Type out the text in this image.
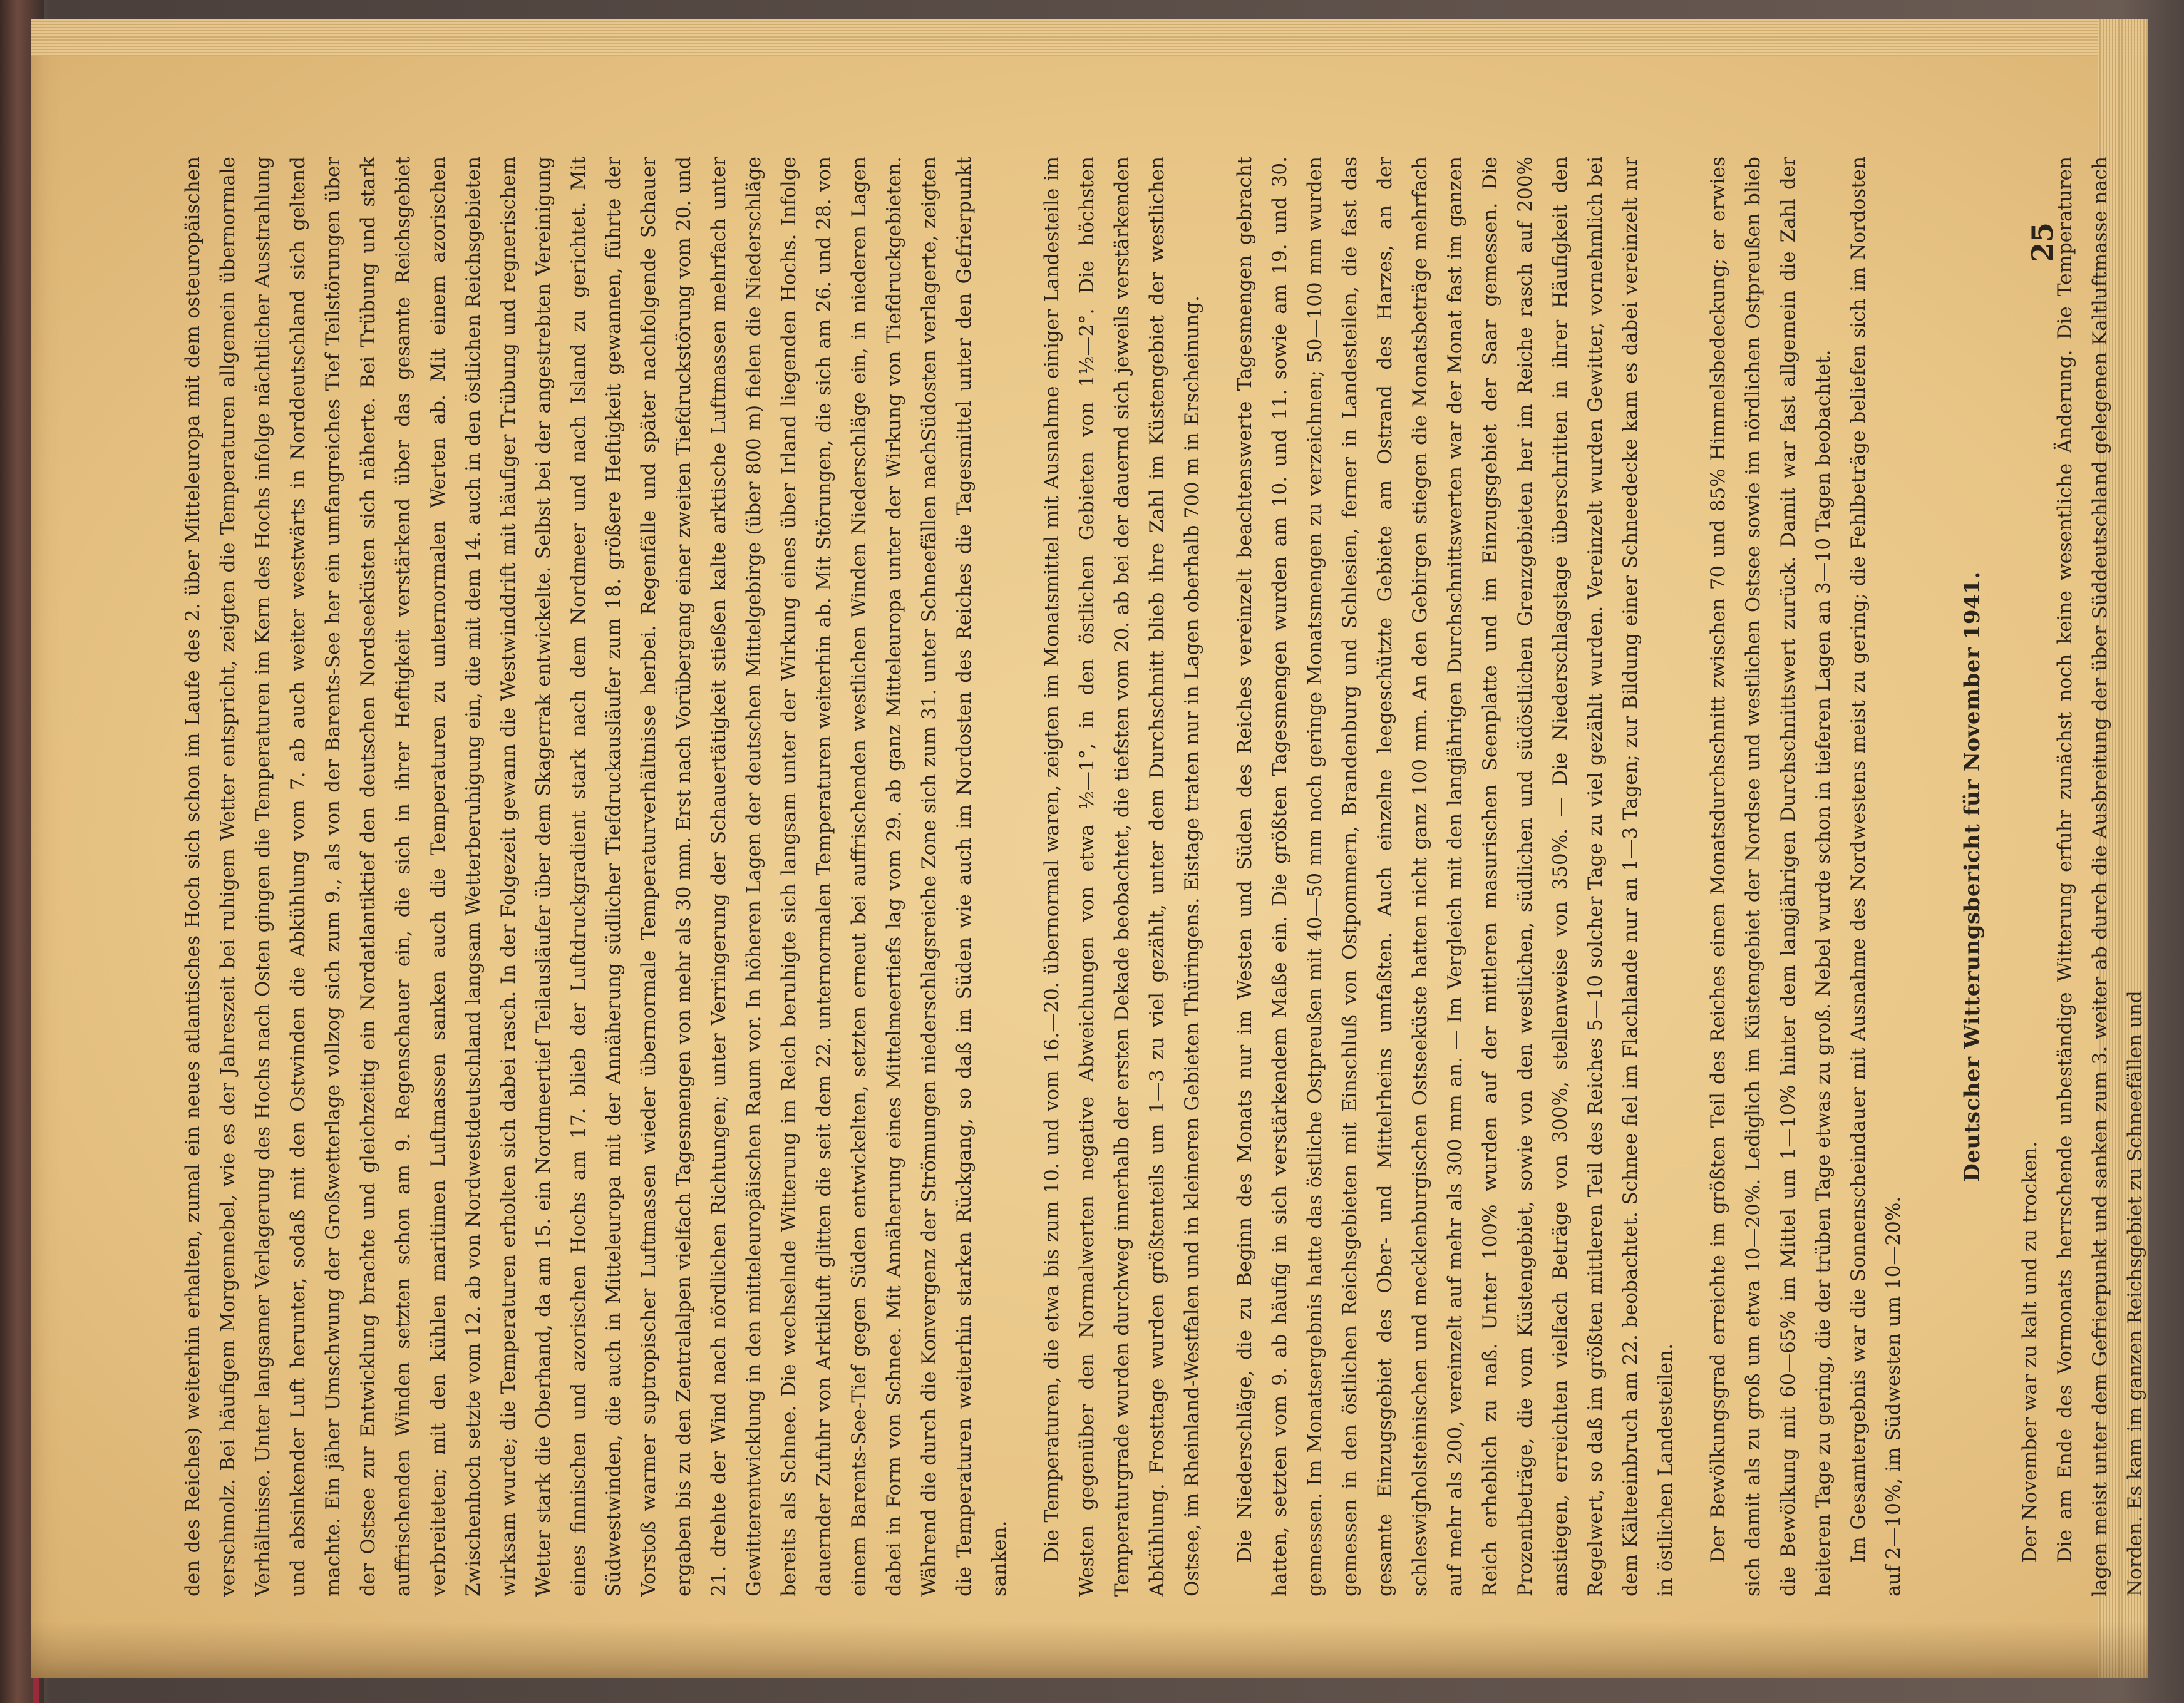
den des Reiches) weiterhin erhalten, zumal ein neues atlantisches Hoch sich schon im Laufe des 2. über Mitteleuropa mit dem osteuropäischen verschmolz. Bei häufigem Morgennebel, wie es der Jahreszeit bei ruhigem Wetter entspricht, zeigten die Temperaturen allgemein übernormale Verhältnisse. Unter langsamer Verlagerung des Hochs nach Osten gingen die Temperaturen im Kern des Hochs infolge nächtlicher Ausstrahlung und absinkender Luft herunter, sodaß mit den Ostwinden die Abkühlung vom 7. ab auch weiter westwärts in Norddeutschland sich geltend machte. Ein jäher Umschwung der Großwetterlage vollzog sich zum 9., als von der Barents-See her ein umfangreiches Tief Teilstörungen über der Ostsee zur Entwicklung brachte und gleichzeitig ein Nordatlantiktief den deutschen Nordseeküsten sich näherte. Bei Trübung und stark auffrischenden Winden setzten schon am 9. Regenschauer ein, die sich in ihrer Heftigkeit verstärkend über das gesamte Reichsgebiet verbreiteten; mit den kühlen maritimen Luftmassen sanken auch die Temperaturen zu unternormalen Werten ab. Mit einem azorischen Zwischenhoch setzte vom 12. ab von Nordwestdeutschland langsam Wetterberuhigung ein, die mit dem 14. auch in den östlichen Reichsgebieten wirksam wurde; die Temperaturen erholten sich dabei rasch. In der Folgezeit gewann die Westwinddrift mit häufiger Trübung und regnerischem Wetter stark die Oberhand, da am 15. ein Nordmeertief Teilausläufer über dem Skagerrak entwickelte. Selbst bei der angestrebten Vereinigung eines finnischen und azorischen Hochs am 17. blieb der Luftdruckgradient stark nach dem Nordmeer und nach Island zu gerichtet. Mit Südwestwinden, die auch in Mitteleuropa mit der Annäherung südlicher Tiefdruckausläufer zum 18. größere Heftigkeit gewannen, führte der Vorstoß warmer suptropischer Luftmassen wieder übernormale Temperaturverhältnisse herbei. Regenfälle und später nachfolgende Schauer ergaben bis zu den Zentralalpen vielfach Tagesmengen von mehr als 30 mm. Erst nach Vorübergang einer zweiten Tiefdruckstörung vom 20. und 21. drehte der Wind nach nördlichen Richtungen; unter Verringerung der Schauertätigkeit stießen kalte arktische Luftmassen mehrfach unter Gewitterentwicklung in den mitteleuropäischen Raum vor. In höheren Lagen der deutschen Mittelgebirge (über 800 m) fielen die Niederschläge bereits als Schnee. Die wechselnde Witterung im Reich beruhigte sich langsam unter der Wirkung eines über Irland liegenden Hochs. Infolge dauernder Zufuhr von Arktikluft glitten die seit dem 22. unternormalen Temperaturen weiterhin ab. Mit Störungen, die sich am 26. und 28. von einem Barents-See-Tief gegen Süden entwickelten, setzten erneut bei auffrischenden westlichen Winden Niederschläge ein, in niederen Lagen dabei in Form von Schnee. Mit Annäherung eines Mittelmeertiefs lag vom 29. ab ganz Mitteleuropa unter der Wirkung von Tiefdruckgebieten. Während die durch die Konvergenz der Strömungen niederschlagsreiche Zone sich zum 31. unter Schneefällen nachSüdosten verlagerte, zeigten die Temperaturen weiterhin starken Rückgang, so daß im Süden wie auch im Nordosten des Reiches die Tagesmittel unter den Gefrierpunkt sanken.	Die Temperaturen, die etwa bis zum 10. und vom 16.—20. übernormal waren, zeigten im Monatsmittel mit Ausnahme einiger Landesteile im Westen gegenüber den Normalwerten negative Abweichungen von etwa ½—1°, in den östlichen Gebieten von 1½—2°. Die höchsten Temperaturgrade wurden durchweg innerhalb der ersten Dekade beobachtet, die tiefsten vom 20. ab bei der dauernd sich jeweils verstärkenden Abkühlung. Frosttage wurden größtenteils um 1—3 zu viel gezählt, unter dem Durchschnitt blieb ihre Zahl im Küstengebiet der westlichen Ostsee, im Rheinland-Westfalen und in kleineren Gebieten Thüringens. Eistage traten nur in Lagen oberhalb 700 m in Erscheinung.	Die Niederschläge, die zu Beginn des Monats nur im Westen und Süden des Reiches vereinzelt beachtenswerte Tagesmengen gebracht hatten, setzten vom 9. ab häufig in sich verstärkendem Maße ein. Die größten Tagesmengen wurden am 10. und 11. sowie am 19. und 30. gemessen. Im Monatsergebnis hatte das östliche Ostpreußen mit 40—50 mm noch geringe Monatsmengen zu verzeichnen; 50—100 mm wurden gemessen in den östlichen Reichsgebieten mit Einschluß von Ostpommern, Brandenburg und Schlesien, ferner in Landesteilen, die fast das gesamte Einzugsgebiet des Ober- und Mittelrheins umfaßten. Auch einzelne leegeschützte Gebiete am Ostrand des Harzes, an der schleswigholsteinischen und mecklenburgischen Ostseeküste hatten nicht ganz 100 mm. An den Gebirgen stiegen die Monatsbeträge mehrfach auf mehr als 200, vereinzelt auf mehr als 300 mm an. — Im Vergleich mit den langjährigen Durchschnittswerten war der Monat fast im ganzen Reich erheblich zu naß. Unter 100% wurden auf der mittleren masurischen Seenplatte und im Einzugsgebiet der Saar gemessen. Die Prozentbeträge, die vom Küstengebiet, sowie von den westlichen, südlichen und südöstlichen Grenzgebieten her im Reiche rasch auf 200% anstiegen, erreichten vielfach Beträge von 300%, stellenweise von 350%. — Die Niederschlagstage überschritten in ihrer Häufigkeit den Regelwert, so daß im größten mittleren Teil des Reiches 5—10 solcher Tage zu viel gezählt wurden. Vereinzelt wurden Gewitter, vornehmlich bei dem Kälteeinbruch am 22. beobachtet. Schnee fiel im Flachlande nur an 1—3 Tagen; zur Bildung einer Schneedecke kam es dabei vereinzelt nur in östlichen Landesteilen.	Der Bewölkungsgrad erreichte im größten Teil des Reiches einen Monatsdurchschnitt zwischen 70 und 85% Himmelsbedeckung; er erwies sich damit als zu groß um etwa 10—20%. Lediglich im Küstengebiet der Nordsee und westlichen Ostsee sowie im nördlichen Ostpreußen blieb die Bewölkung mit 60—65% im Mittel um 1—10% hinter dem langjährigen Durchschnittswert zurück. Damit war fast allgemein die Zahl der heiteren Tage zu gering, die der trüben Tage etwas zu groß. Nebel wurde schon in tieferen Lagen an 3—10 Tagen beobachtet. Im Gesamtergebnis war die Sonnenscheindauer mit Ausnahme des Nordwestens meist zu gering; die Fehlbeträge beliefen sich im Nordosten auf 2—10%, im Südwesten um 10—20%.

Deutscher Witterungsbericht für November 1941.

Der November war zu kalt und zu trocken. Die am Ende des Vormonats herrschende unbeständige Witterung erfuhr zunächst noch keine wesentliche Änderung. Die Temperaturen lagen meist unter dem Gefrierpunkt und sanken zum 3. weiter ab durch die Ausbreitung der über Süddeutschland gelegenen Kaltluftmasse nach Norden. Es kam im ganzen Reichsgebiet zu Schneefällen und

25
